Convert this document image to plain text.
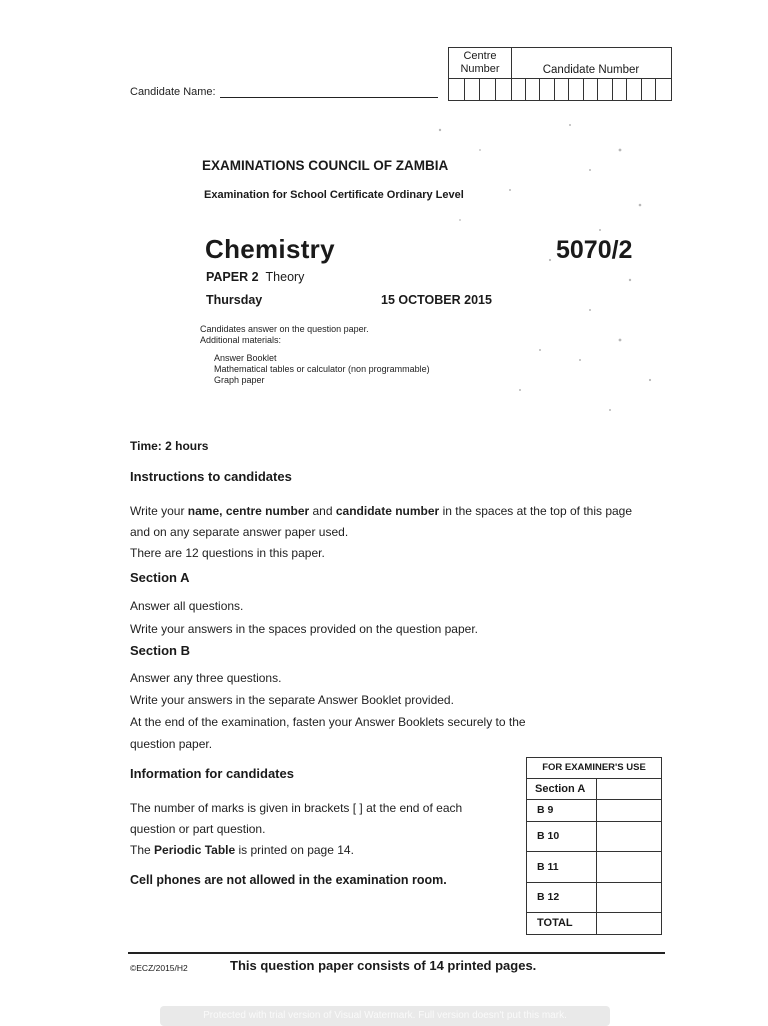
Candidate Name:
Centre Number	Candidate Number
EXAMINATIONS COUNCIL OF ZAMBIA
Examination for School Certificate Ordinary Level
Chemistry	5070/2
PAPER 2 Theory
Thursday	15 OCTOBER 2015
Candidates answer on the question paper.
Additional materials:
Answer Booklet
Mathematical tables or calculator (non programmable)
Graph paper
Time: 2 hours
Instructions to candidates
Write your name, centre number and candidate number in the spaces at the top of this page and on any separate answer paper used.
There are 12 questions in this paper.
Section A
Answer all questions.
Write your answers in the spaces provided on the question paper.
Section B
Answer any three questions.
Write your answers in the separate Answer Booklet provided.
At the end of the examination, fasten your Answer Booklets securely to the question paper.
Information for candidates
The number of marks is given in brackets [ ] at the end of each question or part question.
The Periodic Table is printed on page 14.
Cell phones are not allowed in the examination room.
FOR EXAMINER'S USE
Section A
B 9
B 10
B 11
B 12
TOTAL
©ECZ/2015/H2	This question paper consists of 14 printed pages.
Protected with trial version of Visual Watermark. Full version doesn't put this mark.
